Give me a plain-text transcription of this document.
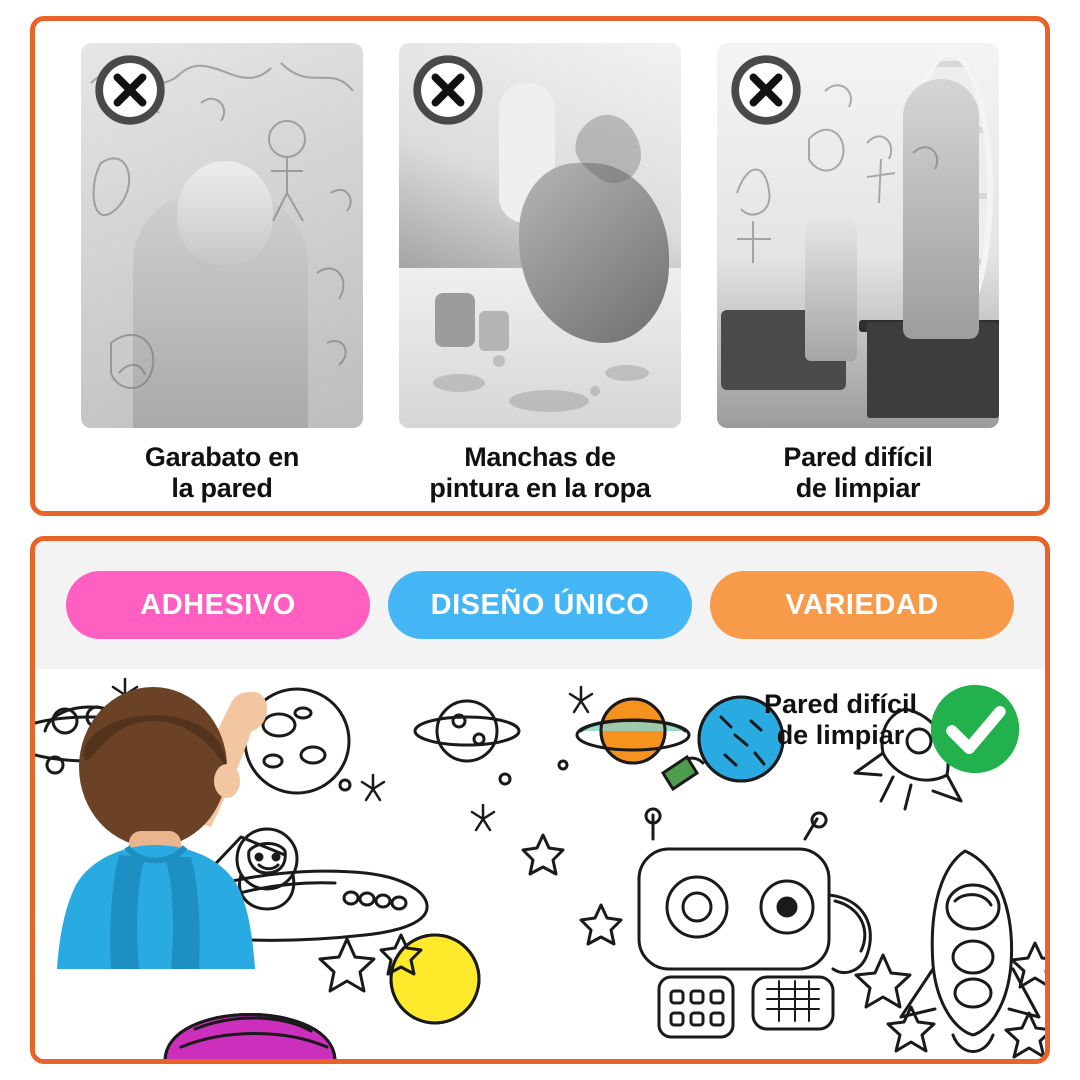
Garabato en
la pared
Manchas de
pintura en la ropa
Pared difícil
de limpiar
ADHESIVO	DISEÑO ÚNICO	VARIEDAD
Pared difícil
de limpiar
